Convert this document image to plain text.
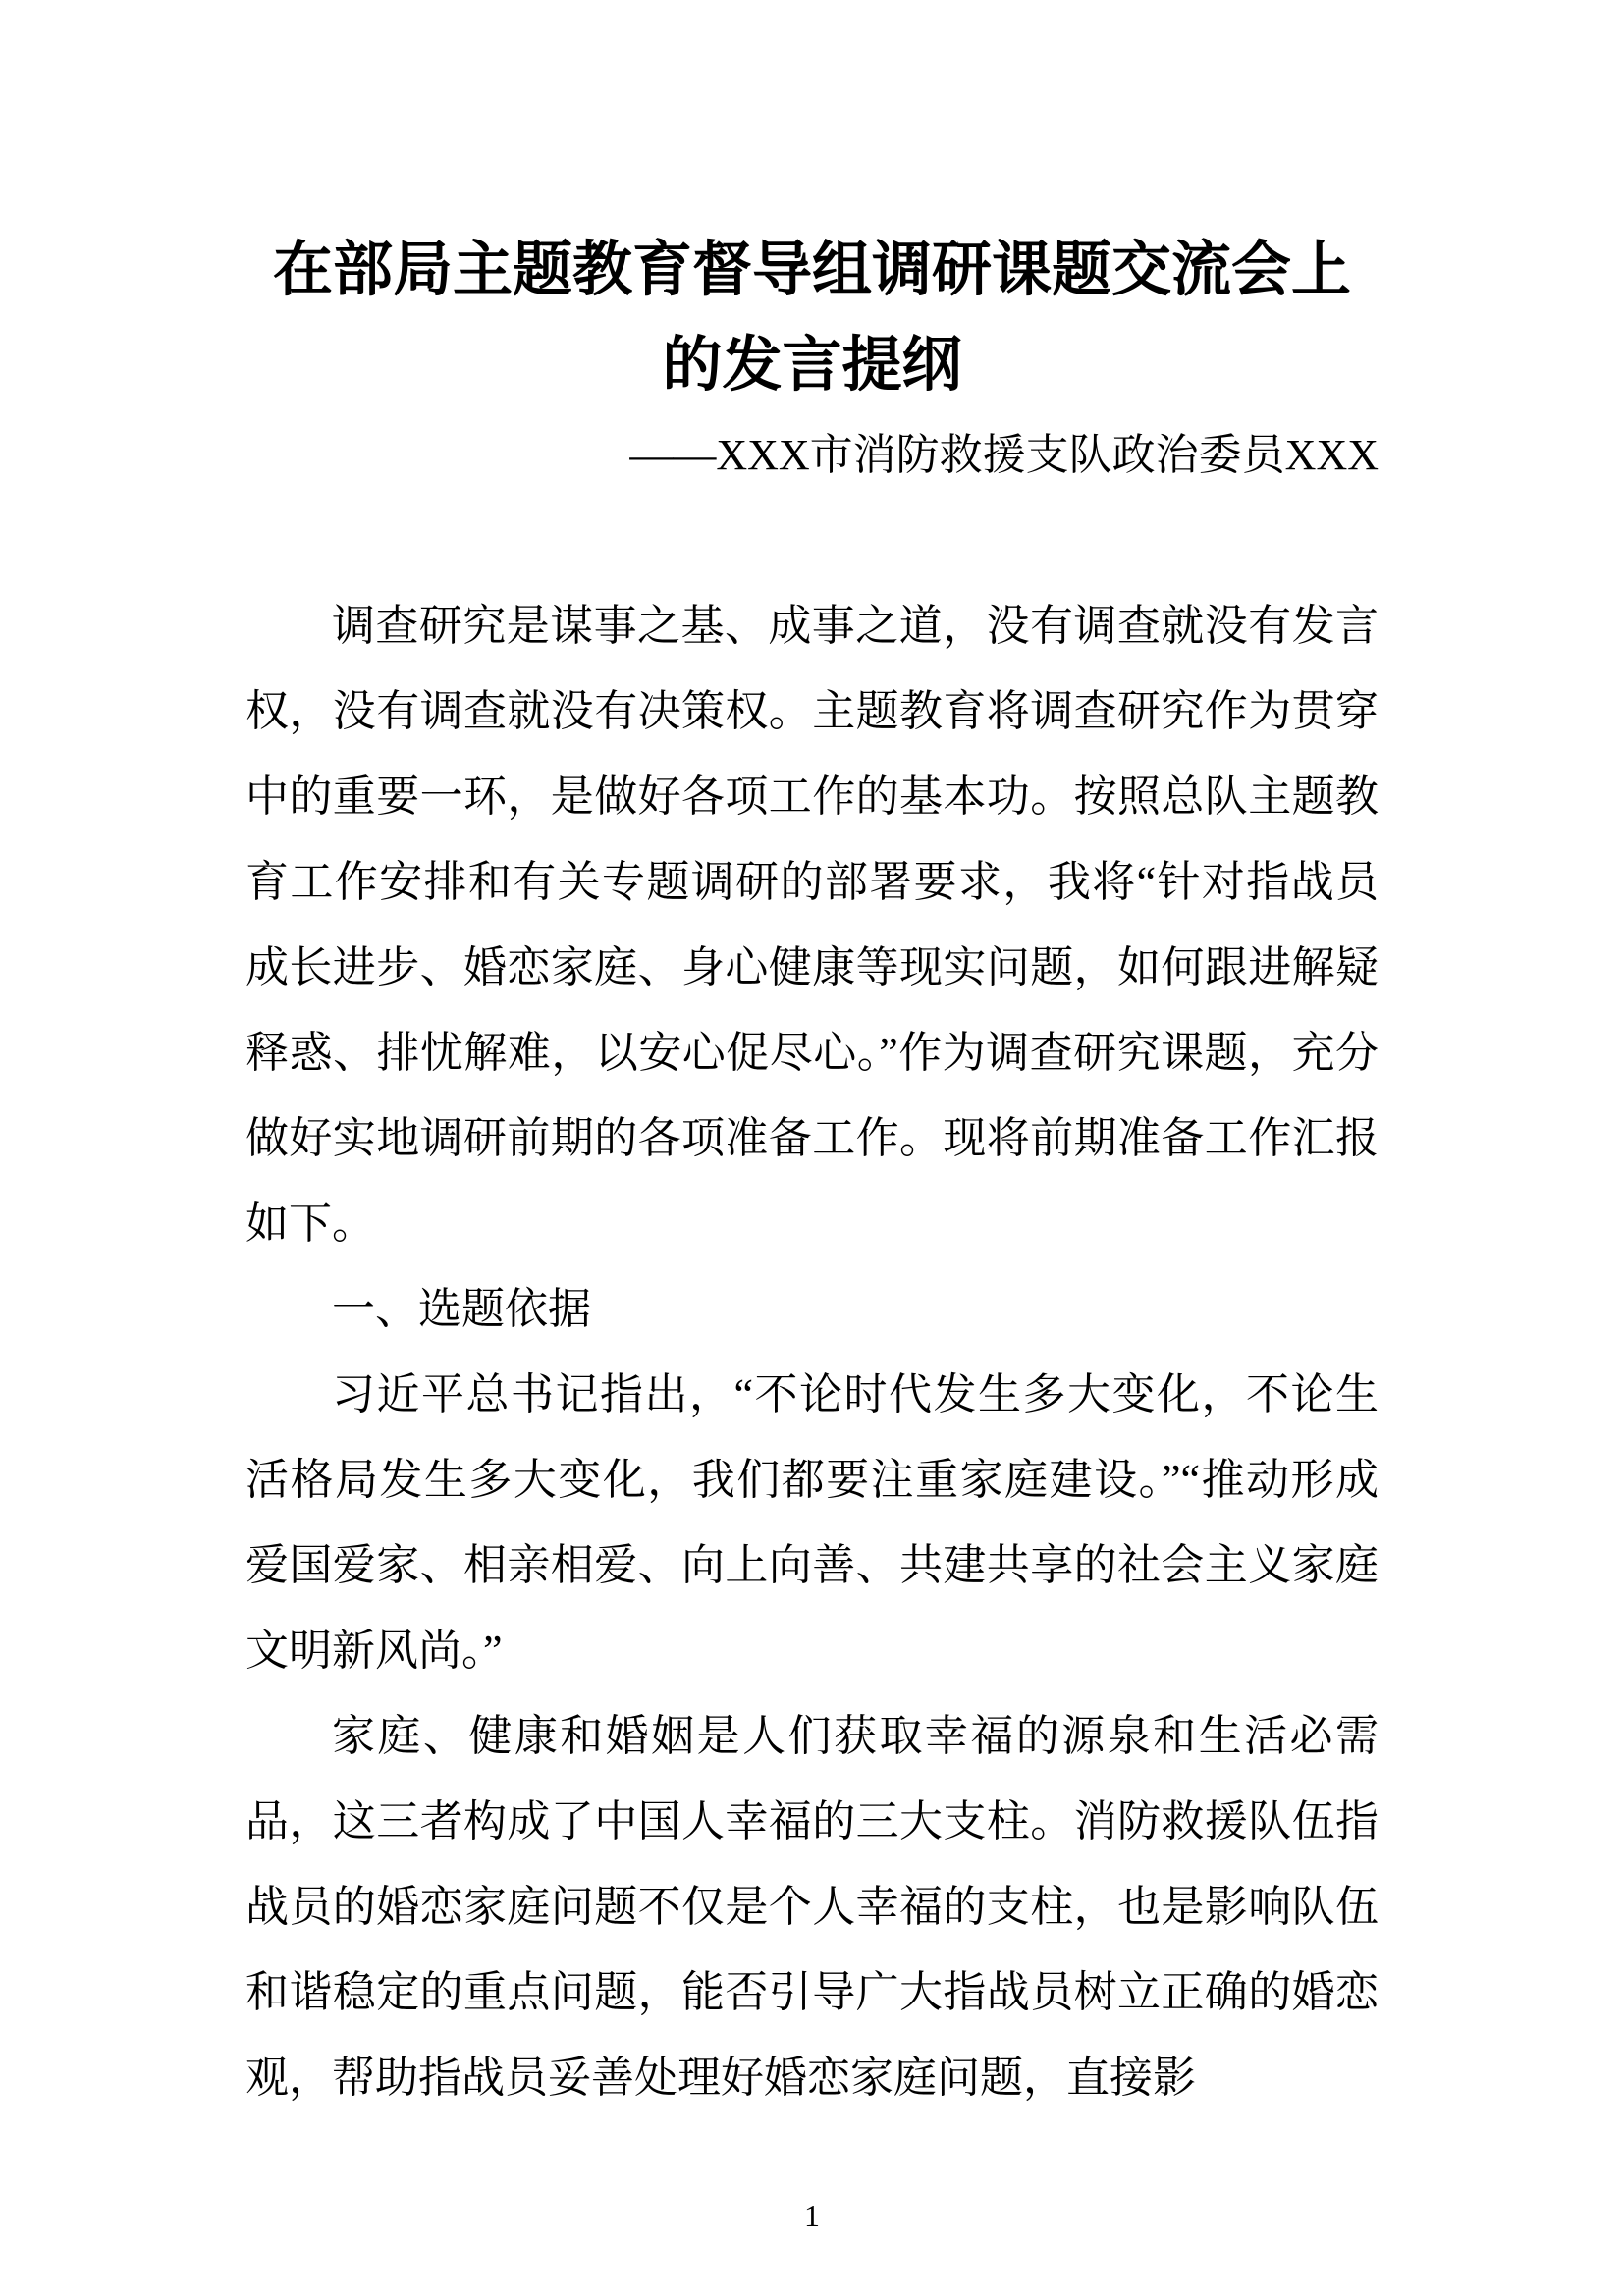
在部局主题教育督导组调研课题交流会上的发言提纲
——XXX市消防救援支队政治委员XXX

调查研究是谋事之基、成事之道，没有调查就没有发言权，没有调查就没有决策权。主题教育将调查研究作为贯穿中的重要一环，是做好各项工作的基本功。按照总队主题教育工作安排和有关专题调研的部署要求，我将“针对指战员成长进步、婚恋家庭、身心健康等现实问题，如何跟进解疑释惑、排忧解难，以安心促尽心。”作为调查研究课题，充分做好实地调研前期的各项准备工作。现将前期准备工作汇报如下。

一、选题依据

习近平总书记指出，“不论时代发生多大变化，不论生活格局发生多大变化，我们都要注重家庭建设。”“推动形成爱国爱家、相亲相爱、向上向善、共建共享的社会主义家庭文明新风尚。”

家庭、健康和婚姻是人们获取幸福的源泉和生活必需品，这三者构成了中国人幸福的三大支柱。消防救援队伍指战员的婚恋家庭问题不仅是个人幸福的支柱，也是影响队伍和谐稳定的重点问题，能否引导广大指战员树立正确的婚恋观，帮助指战员妥善处理好婚恋家庭问题，直接影

1
